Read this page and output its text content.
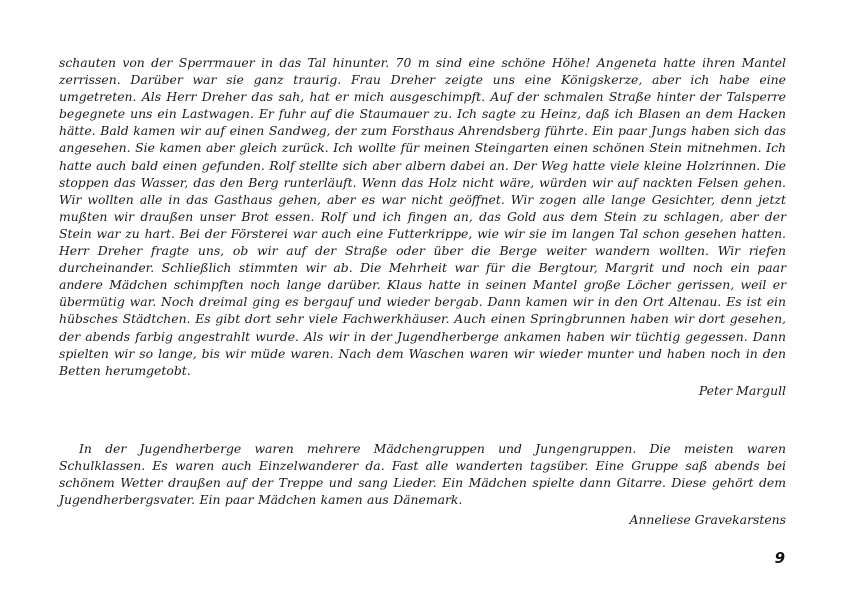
schauten von der Sperrmauer in das Tal hinunter. 70 m sind eine schöne Höhe! Angeneta hatte ihren Mantel zerrissen. Darüber war sie ganz traurig. Frau Dreher zeigte uns eine Königskerze, aber ich habe eine umgetreten. Als Herr Dreher das sah, hat er mich ausgeschimpft. Auf der schmalen Straße hinter der Talsperre begegnete uns ein Lastwagen. Er fuhr auf die Staumauer zu. Ich sagte zu Heinz, daß ich Blasen an dem Hacken hätte. Bald kamen wir auf einen Sandweg, der zum Forsthaus Ahrendsberg führte. Ein paar Jungs haben sich das angesehen. Sie kamen aber gleich zurück. Ich wollte für meinen Steingarten einen schönen Stein mitnehmen. Ich hatte auch bald einen gefunden. Rolf stellte sich aber albern dabei an. Der Weg hatte viele kleine Holzrinnen. Die stoppen das Wasser, das den Berg runterläuft. Wenn das Holz nicht wäre, würden wir auf nackten Felsen gehen. Wir wollten alle in das Gasthaus gehen, aber es war nicht geöffnet. Wir zogen alle lange Gesichter, denn jetzt mußten wir draußen unser Brot essen. Rolf und ich fingen an, das Gold aus dem Stein zu schlagen, aber der Stein war zu hart. Bei der Försterei war auch eine Futterkrippe, wie wir sie im langen Tal schon gesehen hatten. Herr Dreher fragte uns, ob wir auf der Straße oder über die Berge weiter wandern wollten. Wir riefen durcheinander. Schließlich stimmten wir ab. Die Mehrheit war für die Bergtour, Margrit und noch ein paar andere Mädchen schimpften noch lange darüber. Klaus hatte in seinen Mantel große Löcher gerissen, weil er übermütig war. Noch dreimal ging es bergauf und wieder bergab. Dann kamen wir in den Ort Altenau. Es ist ein hübsches Städtchen. Es gibt dort sehr viele Fachwerkhäuser. Auch einen Springbrunnen haben wir dort gesehen, der abends farbig angestrahlt wurde. Als wir in der Jugendherberge ankamen haben wir tüchtig gegessen. Dann spielten wir so lange, bis wir müde waren. Nach dem Waschen waren wir wieder munter und haben noch in den Betten herumgetobt.

Peter Margull

In der Jugendherberge waren mehrere Mädchengruppen und Jungengruppen. Die meisten waren Schulklassen. Es waren auch Einzelwanderer da. Fast alle wanderten tagsüber. Eine Gruppe saß abends bei schönem Wetter draußen auf der Treppe und sang Lieder. Ein Mädchen spielte dann Gitarre. Diese gehört dem Jugendherbergsvater. Ein paar Mädchen kamen aus Dänemark.

Anneliese Gravekarstens

9
